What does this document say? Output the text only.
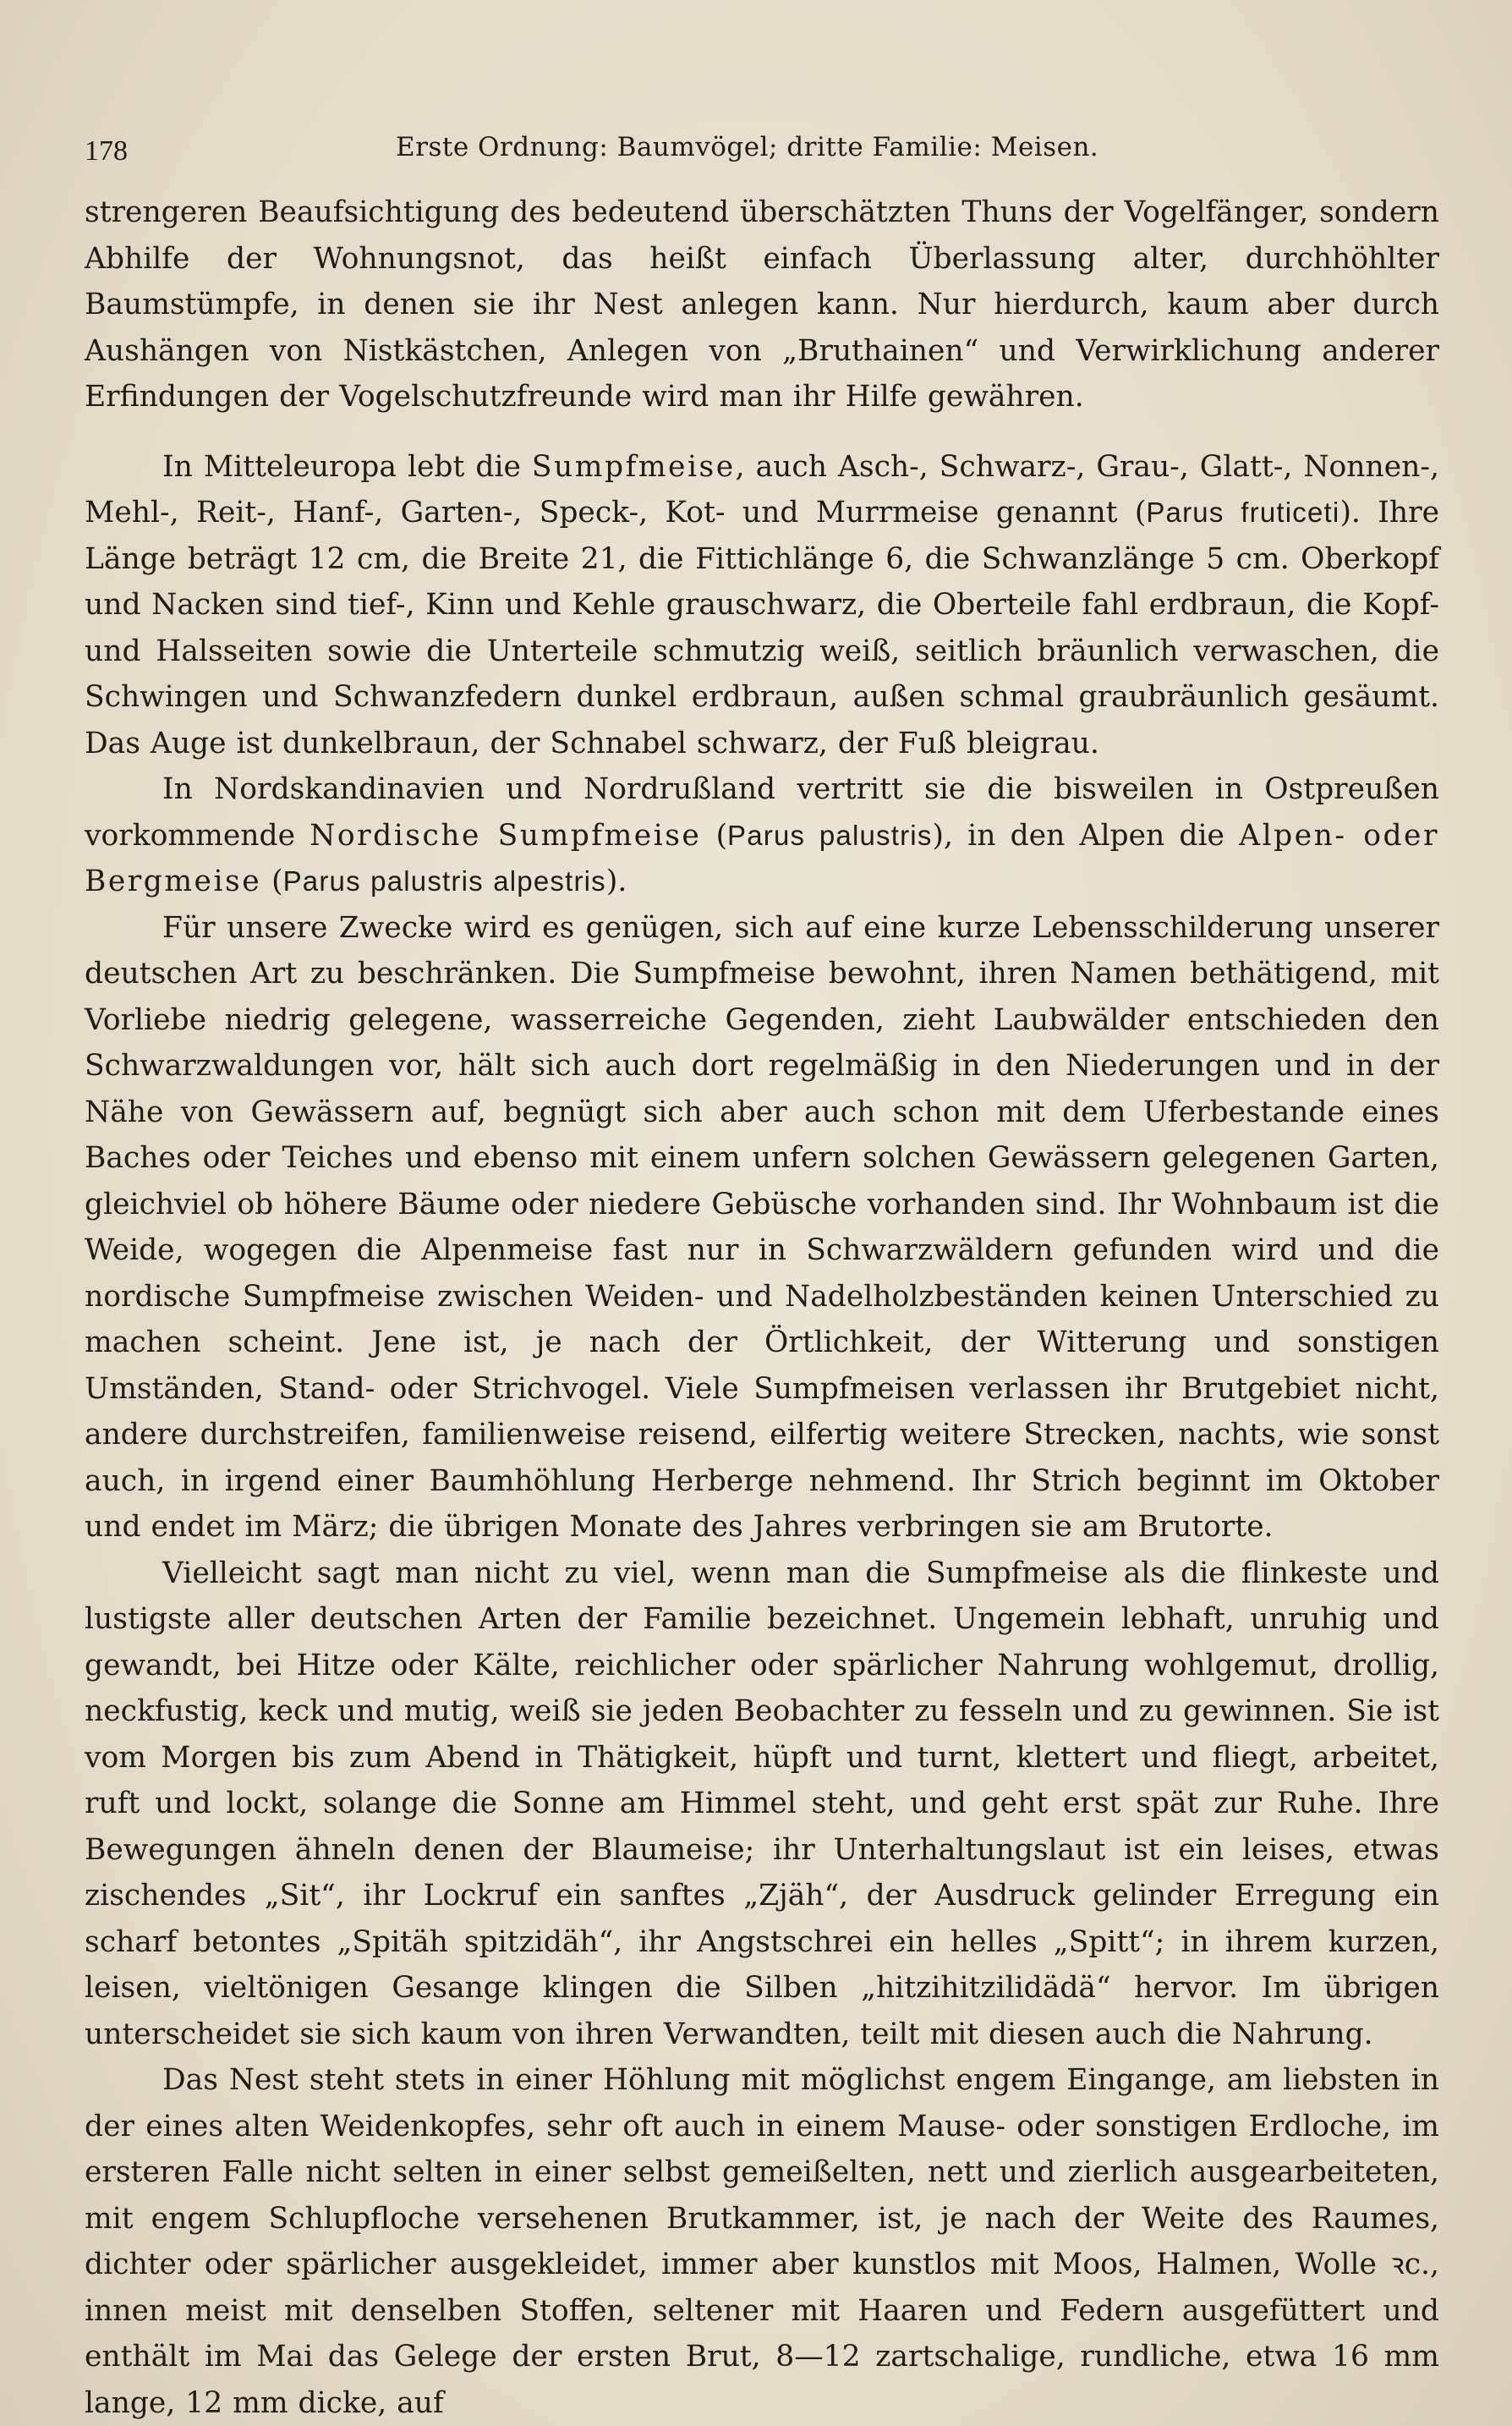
178	Erste Ordnung: Baumvögel; dritte Familie: Meisen.

strengeren Beaufsichtigung des bedeutend überschätzten Thuns der Vogelfänger, sondern Abhilfe der Wohnungsnot, das heißt einfach Überlassung alter, durchhöhlter Baumstümpfe, in denen sie ihr Nest anlegen kann. Nur hierdurch, kaum aber durch Aushängen von Nistkästchen, Anlegen von „Bruthainen“ und Verwirklichung anderer Erfindungen der Vogelschutzfreunde wird man ihr Hilfe gewähren.

In Mitteleuropa lebt die Sumpfmeise, auch Asch-, Schwarz-, Grau-, Glatt-, Nonnen-, Mehl-, Reit-, Hanf-, Garten-, Speck-, Kot- und Murrmeise genannt (Parus fruticeti). Ihre Länge beträgt 12 cm, die Breite 21, die Fittichlänge 6, die Schwanzlänge 5 cm. Oberkopf und Nacken sind tief-, Kinn und Kehle grauschwarz, die Oberteile fahl erdbraun, die Kopf- und Halsseiten sowie die Unterteile schmutzig weiß, seitlich bräunlich verwaschen, die Schwingen und Schwanzfedern dunkel erdbraun, außen schmal graubräunlich gesäumt. Das Auge ist dunkelbraun, der Schnabel schwarz, der Fuß bleigrau.

In Nordskandinavien und Nordrußland vertritt sie die bisweilen in Ostpreußen vorkommende Nordische Sumpfmeise (Parus palustris), in den Alpen die Alpen- oder Bergmeise (Parus palustris alpestris).

Für unsere Zwecke wird es genügen, sich auf eine kurze Lebensschilderung unserer deutschen Art zu beschränken. Die Sumpfmeise bewohnt, ihren Namen bethätigend, mit Vorliebe niedrig gelegene, wasserreiche Gegenden, zieht Laubwälder entschieden den Schwarzwaldungen vor, hält sich auch dort regelmäßig in den Niederungen und in der Nähe von Gewässern auf, begnügt sich aber auch schon mit dem Uferbestande eines Baches oder Teiches und ebenso mit einem unfern solchen Gewässern gelegenen Garten, gleichviel ob höhere Bäume oder niedere Gebüsche vorhanden sind. Ihr Wohnbaum ist die Weide, wogegen die Alpenmeise fast nur in Schwarzwäldern gefunden wird und die nordische Sumpfmeise zwischen Weiden- und Nadelholzbeständen keinen Unterschied zu machen scheint. Jene ist, je nach der Örtlichkeit, der Witterung und sonstigen Umständen, Stand- oder Strichvogel. Viele Sumpfmeisen verlassen ihr Brutgebiet nicht, andere durchstreifen, familienweise reisend, eilfertig weitere Strecken, nachts, wie sonst auch, in irgend einer Baumhöhlung Herberge nehmend. Ihr Strich beginnt im Oktober und endet im März; die übrigen Monate des Jahres verbringen sie am Brutorte.

Vielleicht sagt man nicht zu viel, wenn man die Sumpfmeise als die flinkeste und lustigste aller deutschen Arten der Familie bezeichnet. Ungemein lebhaft, unruhig und gewandt, bei Hitze oder Kälte, reichlicher oder spärlicher Nahrung wohlgemut, drollig, neckfustig, keck und mutig, weiß sie jeden Beobachter zu fesseln und zu gewinnen. Sie ist vom Morgen bis zum Abend in Thätigkeit, hüpft und turnt, klettert und fliegt, arbeitet, ruft und lockt, solange die Sonne am Himmel steht, und geht erst spät zur Ruhe. Ihre Bewegungen ähneln denen der Blaumeise; ihr Unterhaltungslaut ist ein leises, etwas zischendes „Sit“, ihr Lockruf ein sanftes „Zjäh“, der Ausdruck gelinder Erregung ein scharf betontes „Spitäh spitzidäh“, ihr Angstschrei ein helles „Spitt“; in ihrem kurzen, leisen, vieltönigen Gesange klingen die Silben „hitzihitzilidädä“ hervor. Im übrigen unterscheidet sie sich kaum von ihren Verwandten, teilt mit diesen auch die Nahrung.

Das Nest steht stets in einer Höhlung mit möglichst engem Eingange, am liebsten in der eines alten Weidenkopfes, sehr oft auch in einem Mause- oder sonstigen Erdloche, im ersteren Falle nicht selten in einer selbst gemeißelten, nett und zierlich ausgearbeiteten, mit engem Schlupfloche versehenen Brutkammer, ist, je nach der Weite des Raumes, dichter oder spärlicher ausgekleidet, immer aber kunstlos mit Moos, Halmen, Wolle ꝛc., innen meist mit denselben Stoffen, seltener mit Haaren und Federn ausgefüttert und enthält im Mai das Gelege der ersten Brut, 8—12 zartschalige, rundliche, etwa 16 mm lange, 12 mm dicke, auf
